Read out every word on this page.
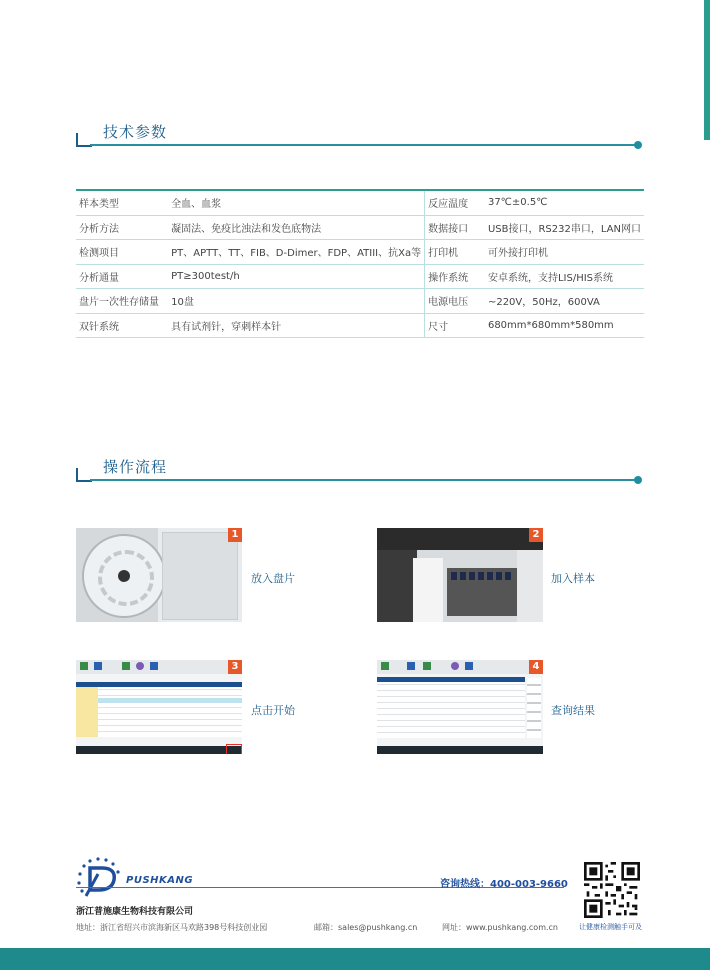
技术参数
样本类型	全血、血浆	反应温度	37℃±0.5℃
分析方法	凝固法、免疫比浊法和发色底物法	数据接口	USB接口，RS232串口，LAN网口
检测项目	PT、APTT、TT、FIB、D-Dimer、FDP、ATIII、抗Xa等	打印机	可外接打印机
分析通量	PT≥300test/h	操作系统	安卓系统，支持LIS/HIS系统
盘片一次性存储量	10盘	电源电压	~220V，50Hz，600VA
双针系统	具有试剂针，穿刺样本针	尺寸	680mm*680mm*580mm
操作流程
1
放入盘片
2
加入样本
3
点击开始
4
查询结果
PUSHKANG	咨询热线：400-003-9660
浙江普施康生物科技有限公司
地址：浙江省绍兴市滨海新区马欢路398号科技创业园	邮箱：sales@pushkang.cn	网址：www.pushkang.com.cn	让健康检测触手可及
